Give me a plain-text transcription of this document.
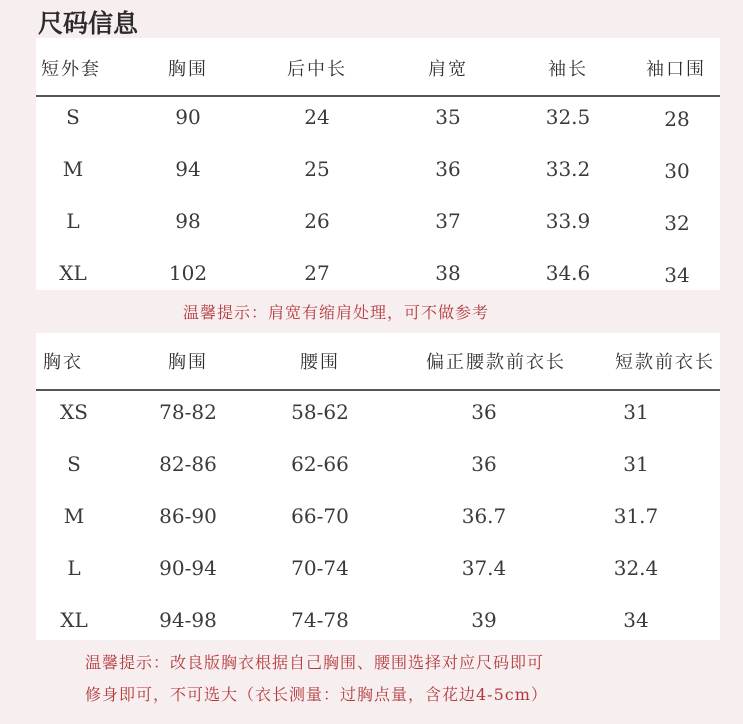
尺码信息
短外套	胸围	后中长	肩宽	袖长	袖口围
S	90	24	35	32.5	28
M	94	25	36	33.2	30
L	98	26	37	33.9	32
XL	102	27	38	34.6	34
温馨提示：肩宽有缩肩处理，可不做参考
胸衣	胸围	腰围	偏正腰款前衣长	短款前衣长
XS	78-82	58-62	36	31
S	82-86	62-66	36	31
M	86-90	66-70	36.7	31.7
L	90-94	70-74	37.4	32.4
XL	94-98	74-78	39	34
温馨提示：改良版胸衣根据自己胸围、腰围选择对应尺码即可
修身即可，不可选大（衣长测量：过胸点量，含花边4-5cm）
